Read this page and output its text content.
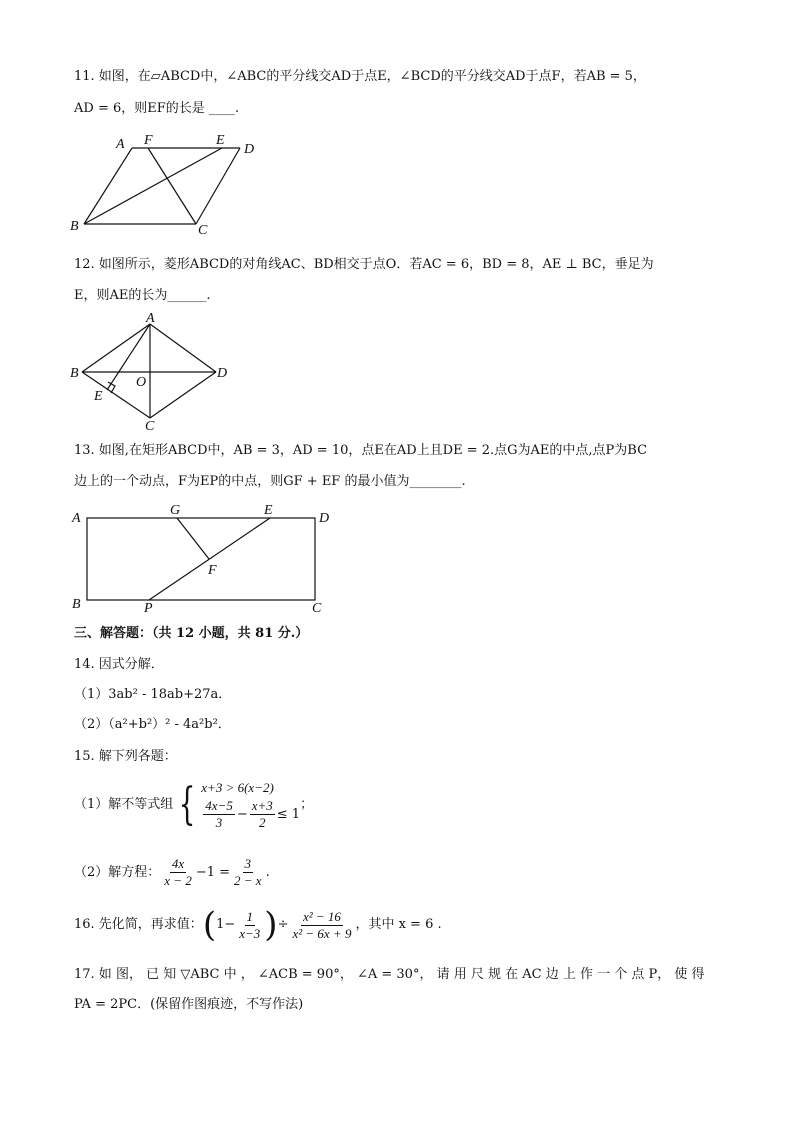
11. 如图，在▱ABCD中，∠ABC的平分线交AD于点E，∠BCD的平分线交AD于点F，若AB = 5，
AD = 6，则EF的长是 ____.
A F	E
D
B	C
12. 如图所示，菱形ABCD的对角线AC、BD相交于点O．若AC = 6，BD = 8，AE ⊥ BC，垂足为
E，则AE的长为______.
A
B
O
D
E
C
13. 如图,在矩形ABCD中，AB = 3，AD = 10，点E在AD上且DE = 2.点G为AE的中点,点P为BC
边上的一个动点，F为EP的中点，则GF + EF 的最小值为________.
A
G	E
D
F
B	P	C
三、解答题：（共 12 小题，共 81 分.）
14. 因式分解．
（1）3ab² - 18ab+27a．
（2）（a²+b²）² - 4a²b²．
15. 解下列各题：
（1）解不等式组 { x+3 > 6(x−2)
$\frac{4x-5}{3} - \frac{x+3}{2} \le 1$
；
（2）解方程： $\frac{4x}{x - 2} -1 = \frac{3}{2 - x}$ .
16. 先化简，再求值： ( $1- \frac{1}{x-3}$ ) ÷ $\frac{\text{x² − 16}}{\text{x² − 6x + 9}}$ ，其中 x = 6 .
17. 如 图， 已 知 ▽ABC 中 ， ∠ACB = 90°， ∠A = 30°， 请 用 尺 规 在 AC 边 上 作 一 个 点 P， 使 得
PA = 2PC．(保留作图痕迹，不写作法)
